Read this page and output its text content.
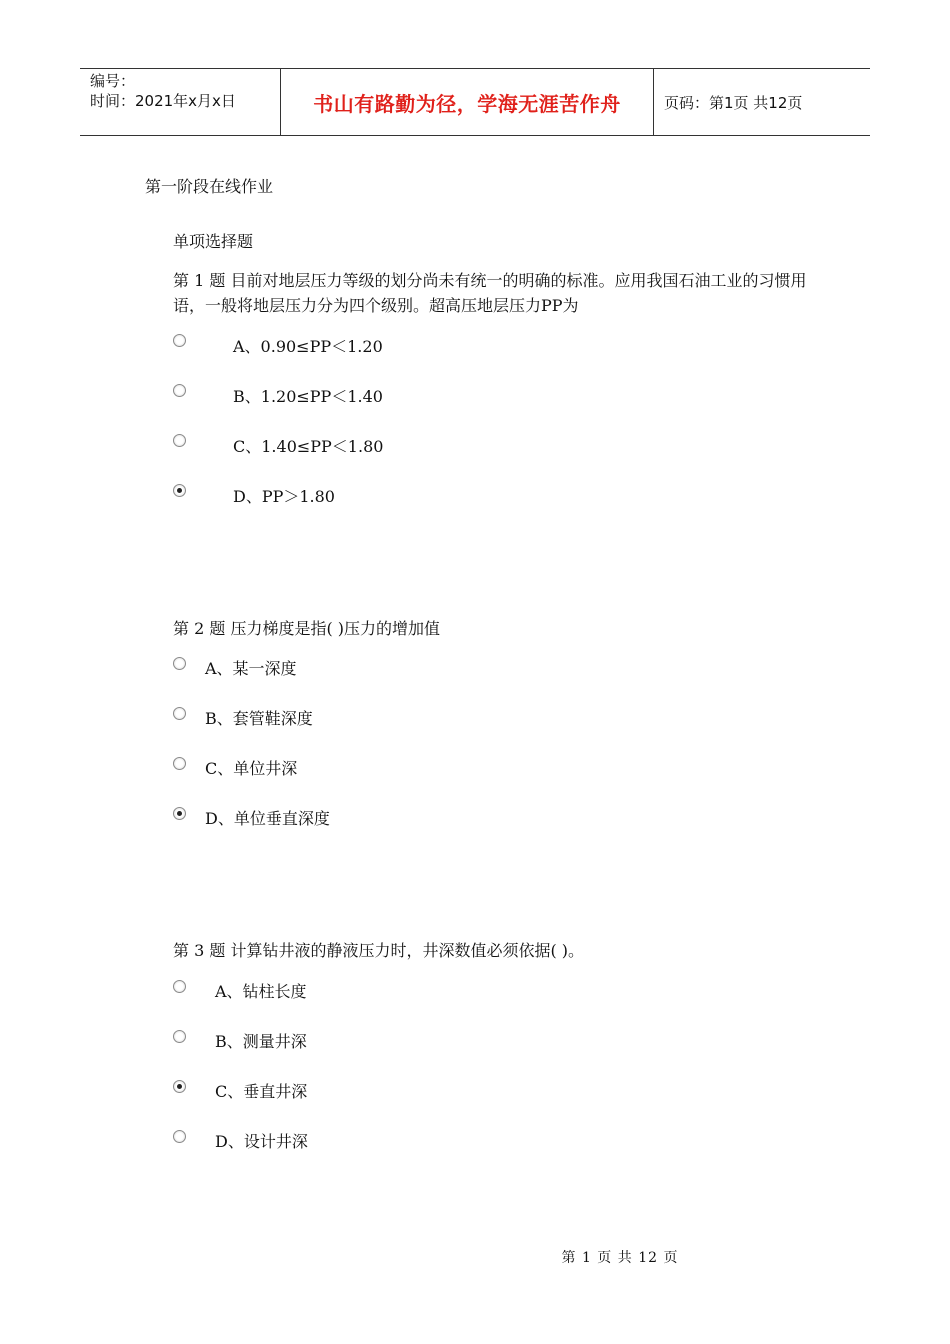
编号：
时间：2021年x月x日	书山有路勤为径，学海无涯苦作舟	页码：第1页 共12页
第一阶段在线作业
单项选择题
第 1 题 目前对地层压力等级的划分尚未有统一的明确的标准。应用我国石油工业的习惯用语，一般将地层压力分为四个级别。超高压地层压力PP为
A、0.90≤PP＜1.20
B、1.20≤PP＜1.40
C、1.40≤PP＜1.80
D、PP＞1.80
第 2 题 压力梯度是指( )压力的增加值
A、某一深度
B、套管鞋深度
C、单位井深
D、单位垂直深度
第 3 题 计算钻井液的静液压力时，井深数值必须依据( )。
A、钻柱长度
B、测量井深
C、垂直井深
D、设计井深
第 1 页 共 12 页
